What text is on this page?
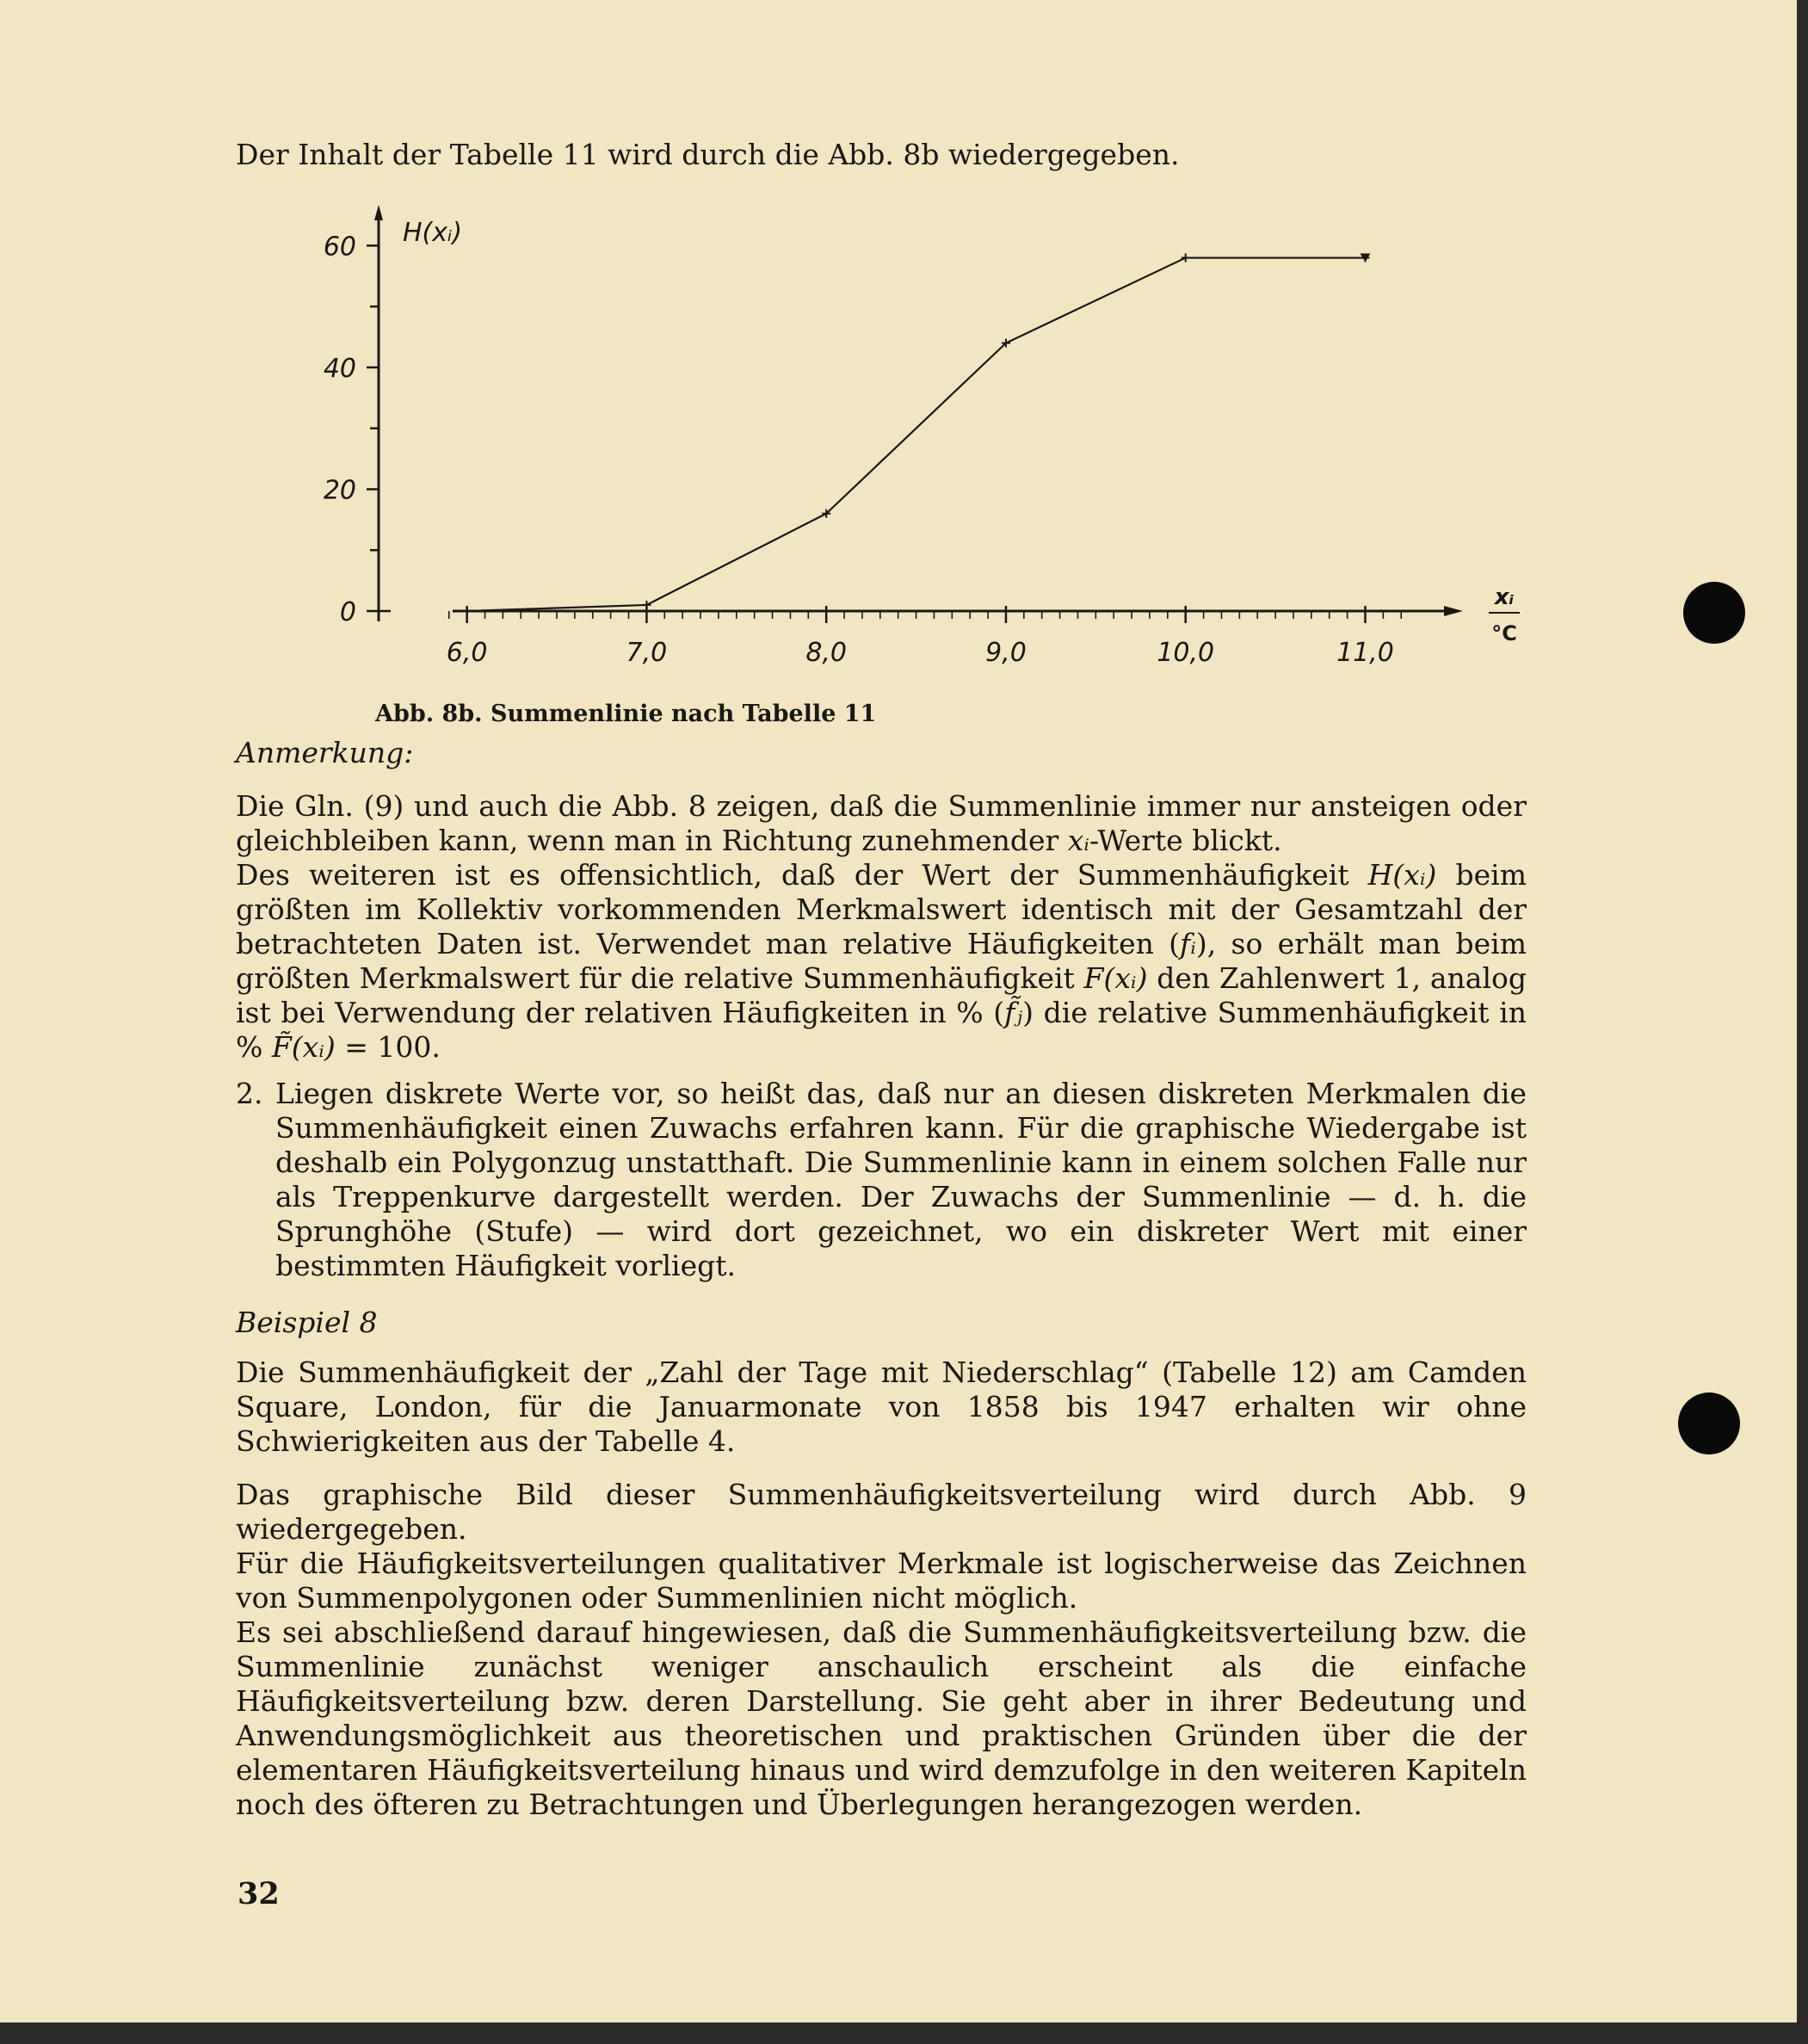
Der Inhalt der Tabelle 11 wird durch die Abb. 8b wiedergegeben.

0
20
40
60
6,0	7,0	8,0	9,0	10,0	11,0
H(xᵢ)
xᵢ
°C

Abb. 8b. Summenlinie nach Tabelle 11

Anmerkung:

Die Gln. (9) und auch die Abb. 8 zeigen, daß die Summenlinie immer nur ansteigen oder gleichbleiben kann, wenn man in Richtung zunehmender xᵢ-Werte blickt.

Des weiteren ist es offensichtlich, daß der Wert der Summenhäufigkeit H(xᵢ) beim größten im Kollektiv vorkommenden Merkmalswert identisch mit der Gesamtzahl der betrachteten Daten ist. Verwendet man relative Häufigkeiten (fᵢ), so erhält man beim größten Merkmalswert für die relative Summenhäufigkeit F(xᵢ) den Zahlenwert 1, analog ist bei Verwendung der relativen Häufigkeiten in % (f̃ⱼ) die relative Summenhäufigkeit in % F̃(xᵢ) = 100.

2. Liegen diskrete Werte vor, so heißt das, daß nur an diesen diskreten Merkmalen die Summenhäufigkeit einen Zuwachs erfahren kann. Für die graphische Wiedergabe ist deshalb ein Polygonzug unstatthaft. Die Summenlinie kann in einem solchen Falle nur als Treppenkurve dargestellt werden. Der Zuwachs der Summenlinie — d. h. die Sprunghöhe (Stufe) — wird dort gezeichnet, wo ein diskreter Wert mit einer bestimmten Häufigkeit vorliegt.

Beispiel 8

Die Summenhäufigkeit der „Zahl der Tage mit Niederschlag“ (Tabelle 12) am Camden Square, London, für die Januarmonate von 1858 bis 1947 erhalten wir ohne Schwierigkeiten aus der Tabelle 4.

Das graphische Bild dieser Summenhäufigkeitsverteilung wird durch Abb. 9 wiedergegeben.

Für die Häufigkeitsverteilungen qualitativer Merkmale ist logischerweise das Zeichnen von Summenpolygonen oder Summenlinien nicht möglich.

Es sei abschließend darauf hingewiesen, daß die Summenhäufigkeitsverteilung bzw. die Summenlinie zunächst weniger anschaulich erscheint als die einfache Häufigkeitsverteilung bzw. deren Darstellung. Sie geht aber in ihrer Bedeutung und Anwendungsmöglichkeit aus theoretischen und praktischen Gründen über die der elementaren Häufigkeitsverteilung hinaus und wird demzufolge in den weiteren Kapiteln noch des öfteren zu Betrachtungen und Überlegungen herangezogen werden.

32
